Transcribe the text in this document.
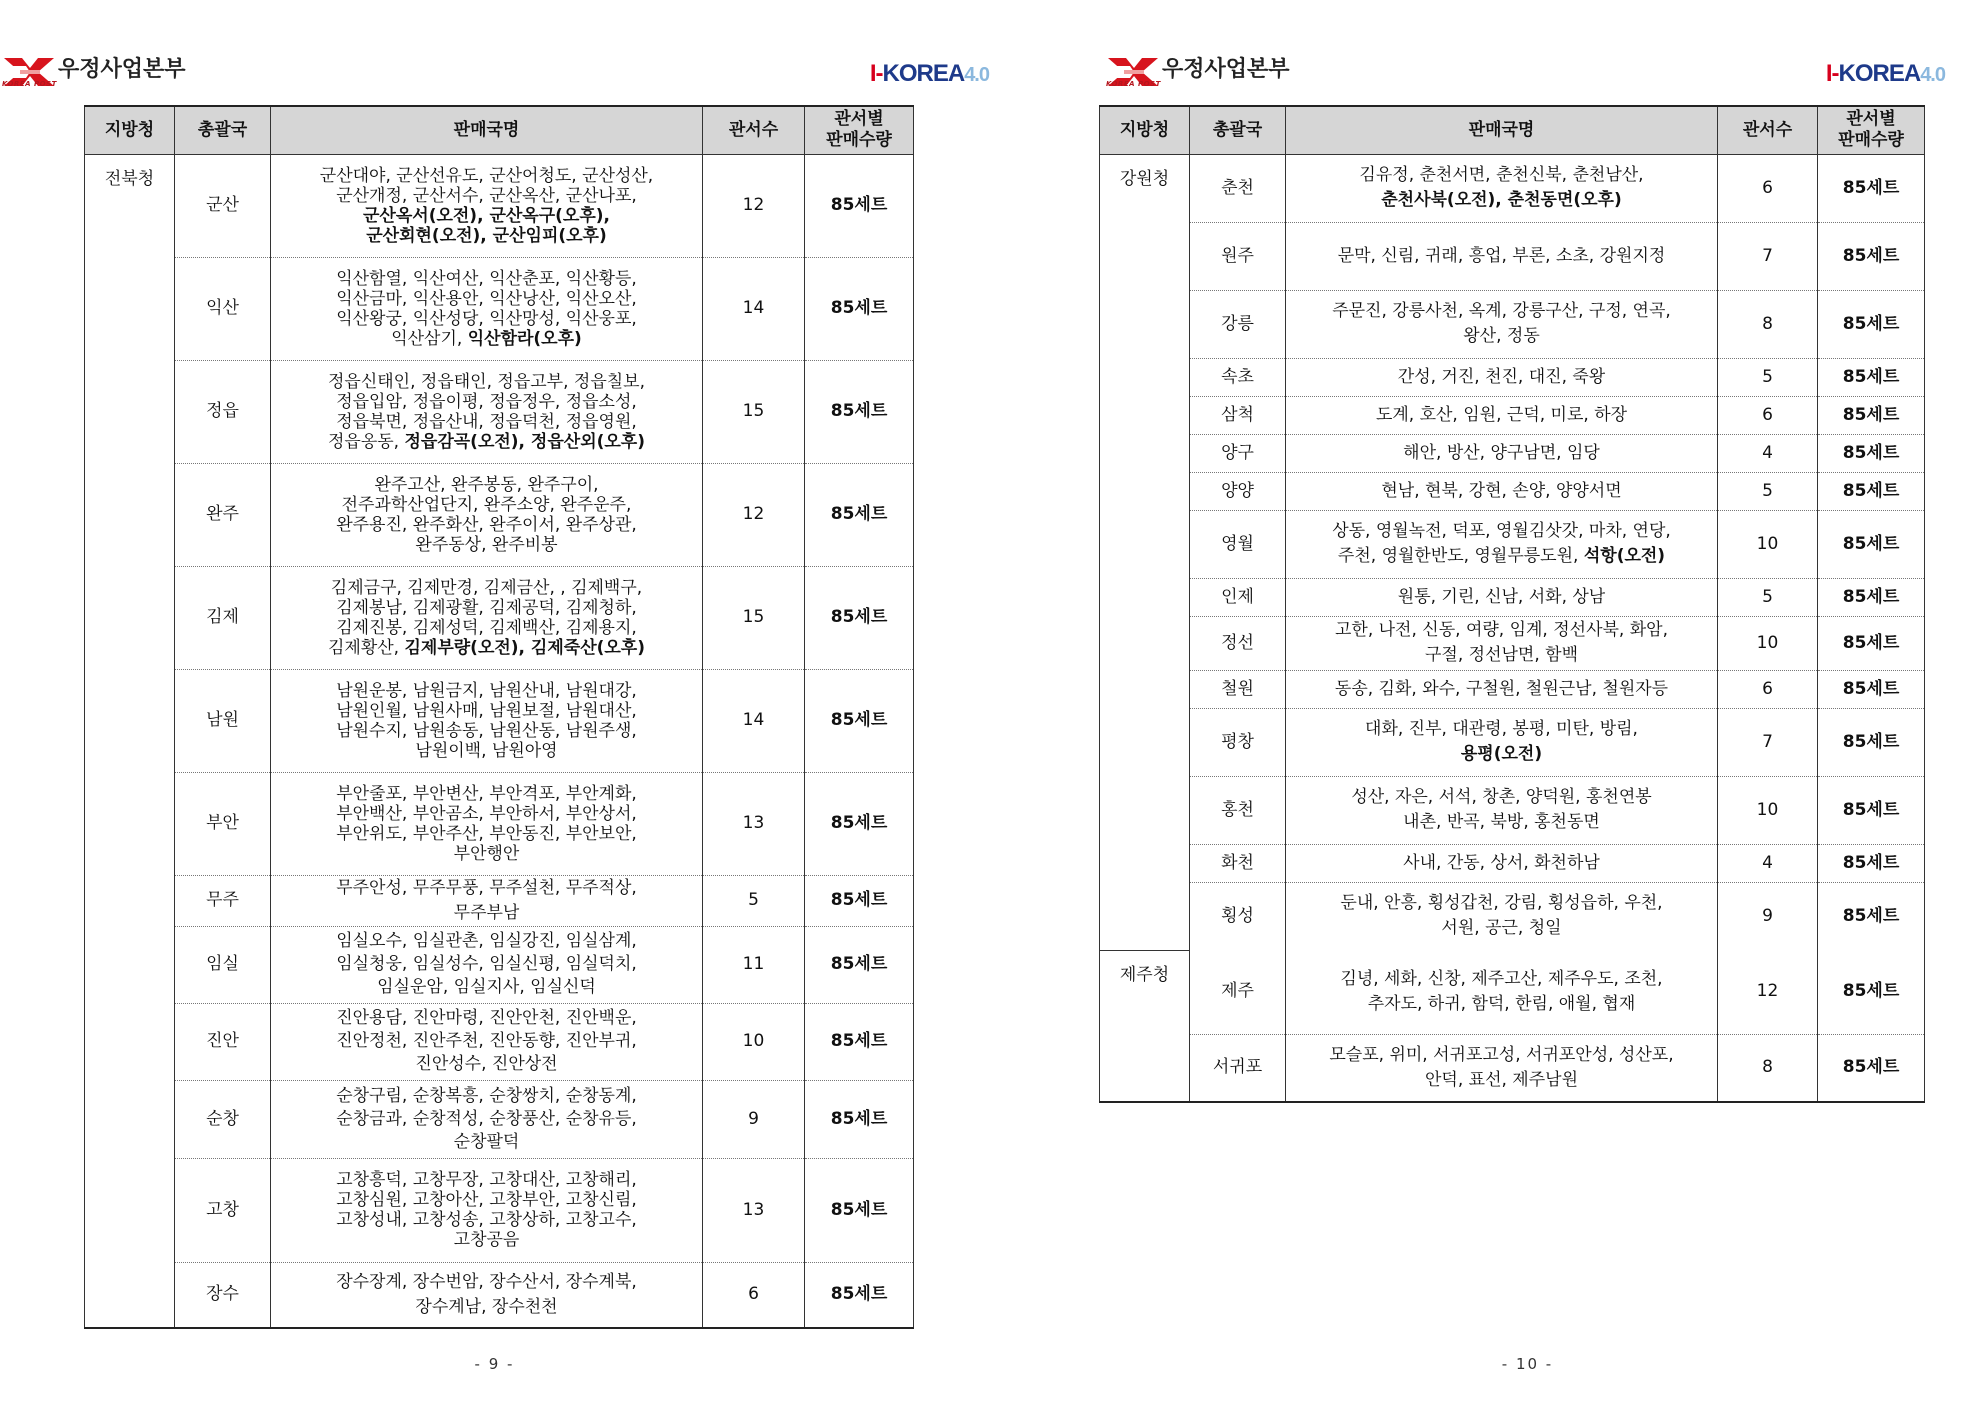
KOREA POST
우정사업본부	I-KOREA4.0
지방청	총괄국	판매국명	관서수	관서별
판매수량

전북청	군산	군산대야, 군산선유도, 군산어청도, 군산성산,
군산개정, 군산서수, 군산옥산, 군산나포,
군산옥서(오전), 군산옥구(오후),
군산회현(오전), 군산임피(오후)	12	85세트
	익산	익산함열, 익산여산, 익산춘포, 익산황등,
익산금마, 익산용안, 익산낭산, 익산오산,
익산왕궁, 익산성당, 익산망성, 익산웅포,
익산삼기, 익산함라(오후)	14	85세트
	정읍	정읍신태인, 정읍태인, 정읍고부, 정읍칠보,
정읍입암, 정읍이평, 정읍정우, 정읍소성,
정읍북면, 정읍산내, 정읍덕천, 정읍영원,
정읍옹동, 정읍감곡(오전), 정읍산외(오후)	15	85세트
	완주	완주고산, 완주봉동, 완주구이,
전주과학산업단지, 완주소양, 완주운주,
완주용진, 완주화산, 완주이서, 완주상관,
완주동상, 완주비봉	12	85세트
	김제	김제금구, 김제만경, 김제금산, , 김제백구,
김제봉남, 김제광활, 김제공덕, 김제청하,
김제진봉, 김제성덕, 김제백산, 김제용지,
김제황산, 김제부량(오전), 김제죽산(오후)	15	85세트
	남원	남원운봉, 남원금지, 남원산내, 남원대강,
남원인월, 남원사매, 남원보절, 남원대산,
남원수지, 남원송동, 남원산동, 남원주생,
남원이백, 남원아영	14	85세트
	부안	부안줄포, 부안변산, 부안격포, 부안계화,
부안백산, 부안곰소, 부안하서, 부안상서,
부안위도, 부안주산, 부안동진, 부안보안,
부안행안	13	85세트
	무주	무주안성, 무주무풍, 무주설천, 무주적상,
무주부남	5	85세트
	임실	임실오수, 임실관촌, 임실강진, 임실삼계,
임실청웅, 임실성수, 임실신평, 임실덕치,
임실운암, 임실지사, 임실신덕	11	85세트
	진안	진안용담, 진안마령, 진안안천, 진안백운,
진안정천, 진안주천, 진안동향, 진안부귀,
진안성수, 진안상전	10	85세트
	순창	순창구림, 순창복흥, 순창쌍치, 순창동계,
순창금과, 순창적성, 순창풍산, 순창유등,
순창팔덕	9	85세트
	고창	고창흥덕, 고창무장, 고창대산, 고창해리,
고창심원, 고창아산, 고창부안, 고창신림,
고창성내, 고창성송, 고창상하, 고창고수,
고창공음	13	85세트
	장수	장수장계, 장수번암, 장수산서, 장수계북,
장수계남, 장수천천	6	85세트
- 9 -
KOREA POST
우정사업본부	I-KOREA4.0
지방청	총괄국	판매국명	관서수	관서별
판매수량

강원청	춘천	김유정, 춘천서면, 춘천신북, 춘천남산,
춘천사북(오전), 춘천동면(오후)	6	85세트
	원주	문막, 신림, 귀래, 흥업, 부론, 소초, 강원지정	7	85세트
	강릉	주문진, 강릉사천, 옥계, 강릉구산, 구정, 연곡,
왕산, 정동	8	85세트
	속초	간성, 거진, 천진, 대진, 죽왕	5	85세트
	삼척	도계, 호산, 임원, 근덕, 미로, 하장	6	85세트
	양구	해안, 방산, 양구남면, 임당	4	85세트
	양양	현남, 현북, 강현, 손양, 양양서면	5	85세트
	영월	상동, 영월녹전, 덕포, 영월김삿갓, 마차, 연당,
주천, 영월한반도, 영월무릉도원, 석항(오전)	10	85세트
	인제	원통, 기린, 신남, 서화, 상남	5	85세트
	정선	고한, 나전, 신동, 여량, 임계, 정선사북, 화암,
구절, 정선남면, 함백	10	85세트
	철원	동송, 김화, 와수, 구철원, 철원근남, 철원자등	6	85세트
	평창	대화, 진부, 대관령, 봉평, 미탄, 방림,
용평(오전)	7	85세트
	홍천	성산, 자은, 서석, 창촌, 양덕원, 홍천연봉
내촌, 반곡, 북방, 홍천동면	10	85세트
	화천	사내, 간동, 상서, 화천하남	4	85세트
	횡성	둔내, 안흥, 횡성갑천, 강림, 횡성읍하, 우천,
서원, 공근, 청일	9	85세트

제주청	제주	김녕, 세화, 신창, 제주고산, 제주우도, 조천,
추자도, 하귀, 함덕, 한림, 애월, 협재	12	85세트
	서귀포	모슬포, 위미, 서귀포고성, 서귀포안성, 성산포,
안덕, 표선, 제주남원	8	85세트
- 10 -
